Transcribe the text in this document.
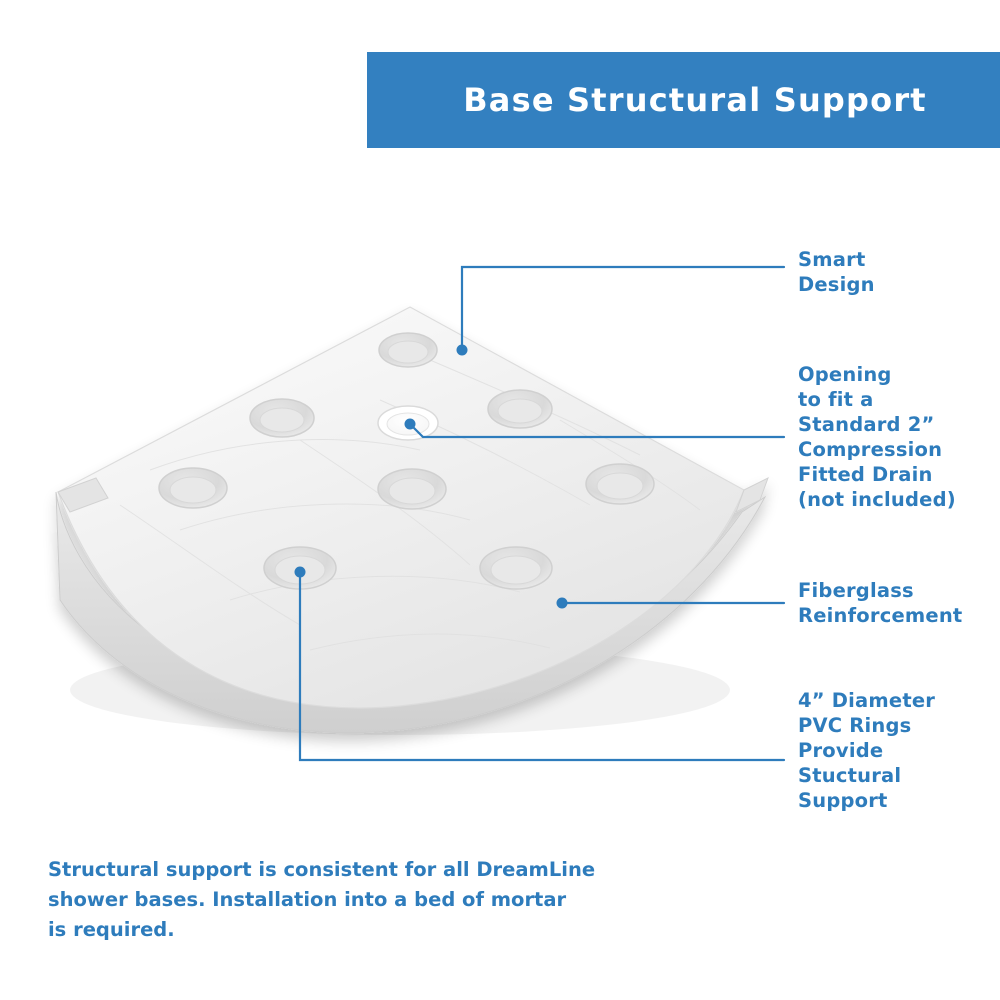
Base Structural Support
Smart
Design
Opening
to fit a
Standard 2”
Compression
Fitted Drain
(not included)
Fiberglass
Reinforcement
4” Diameter
PVC Rings
Provide
Stuctural
Support
Structural support is consistent for all DreamLine
shower bases. Installation into a bed of mortar
is required.
